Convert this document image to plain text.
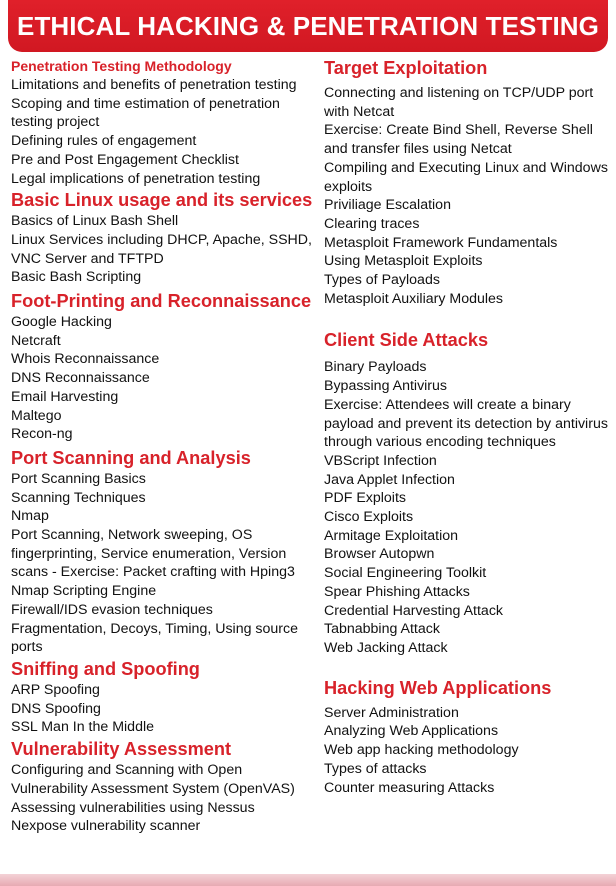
ETHICAL HACKING & PENETRATION TESTING
Penetration Testing Methodology
Limitations and benefits of penetration testing
Scoping and time estimation of penetration testing project
Defining rules of engagement
Pre and Post Engagement Checklist
Legal implications of penetration testing
Basic Linux usage and its services
Basics of Linux Bash Shell
Linux Services including DHCP, Apache, SSHD, VNC Server and TFTPD
Basic Bash Scripting
Foot-Printing and Reconnaissance
Google Hacking
Netcraft
Whois Reconnaissance
DNS Reconnaissance
Email Harvesting
Maltego
Recon-ng
Port Scanning and Analysis
Port Scanning Basics
Scanning Techniques
Nmap
Port Scanning, Network sweeping, OS fingerprinting, Service enumeration, Version scans - Exercise: Packet crafting with Hping3
Nmap Scripting Engine
Firewall/IDS evasion techniques
Fragmentation, Decoys, Timing, Using source ports
Sniffing and Spoofing
ARP Spoofing
DNS Spoofing
SSL Man In the Middle
Vulnerability Assessment
Configuring and Scanning with Open Vulnerability Assessment System (OpenVAS)
Assessing vulnerabilities using Nessus
Nexpose vulnerability scanner
Target Exploitation
Connecting and listening on TCP/UDP port with Netcat
Exercise: Create Bind Shell, Reverse Shell and transfer files using Netcat
Compiling and Executing Linux and Windows exploits
Priviliage Escalation
Clearing traces
Metasploit Framework Fundamentals
Using Metasploit Exploits
Types of Payloads
Metasploit Auxiliary Modules
Client Side Attacks
Binary Payloads
Bypassing Antivirus
Exercise: Attendees will create a binary payload and prevent its detection by antivirus through various encoding techniques
VBScript Infection
Java Applet Infection
PDF Exploits
Cisco Exploits
Armitage Exploitation
Browser Autopwn
Social Engineering Toolkit
Spear Phishing Attacks
Credential Harvesting Attack
Tabnabbing Attack
Web Jacking Attack
Hacking Web Applications
Server Administration
Analyzing Web Applications
Web app hacking methodology
Types of attacks
Counter measuring Attacks
